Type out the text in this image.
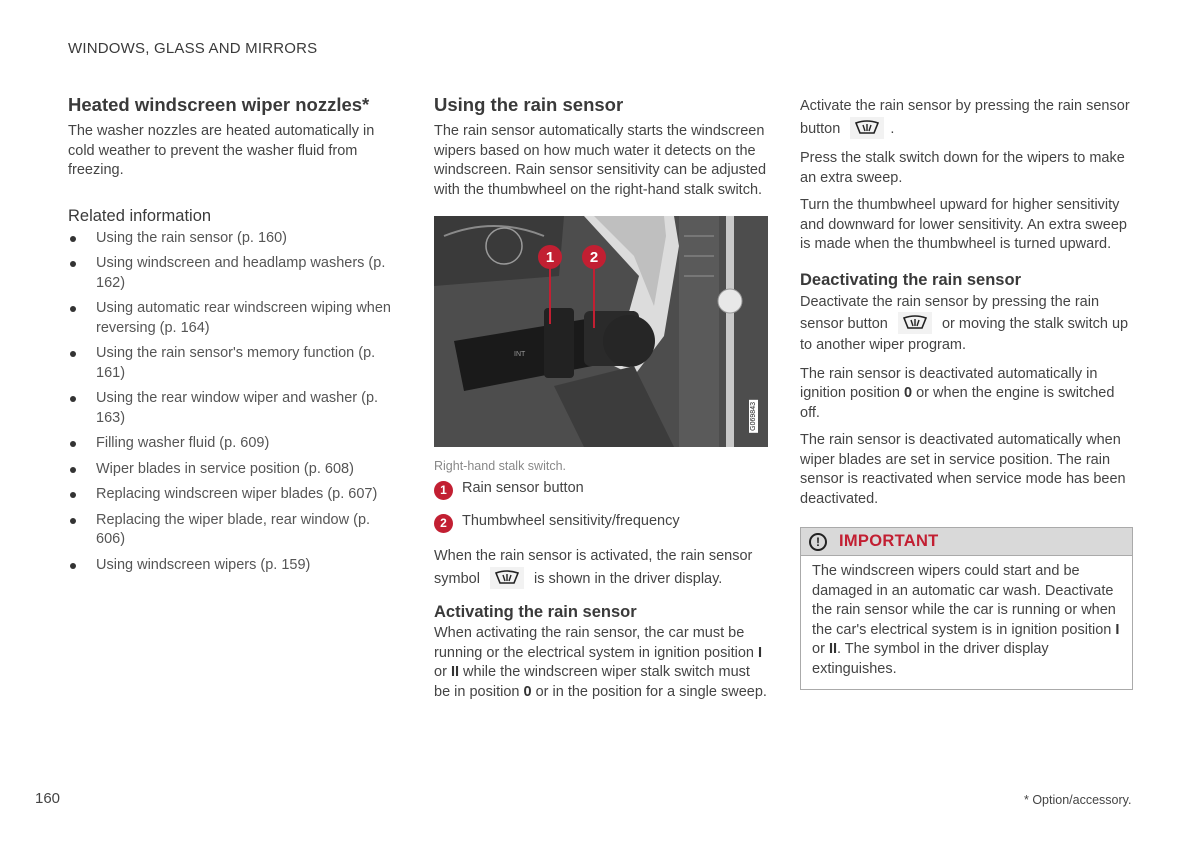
WINDOWS, GLASS AND MIRRORS
Heated windscreen wiper nozzles*

The washer nozzles are heated automatically in cold weather to prevent the washer fluid from freezing.

Related information
Using the rain sensor (p. 160)
Using windscreen and headlamp washers (p. 162)
Using automatic rear windscreen wiping when reversing (p. 164)
Using the rain sensor's memory function (p. 161)
Using the rear window wiper and washer (p. 163)
Filling washer fluid (p. 609)
Wiper blades in service position (p. 608)
Replacing windscreen wiper blades (p. 607)
Replacing the wiper blade, rear window (p. 606)
Using windscreen wipers (p. 159)
Using the rain sensor

The rain sensor automatically starts the windscreen wipers based on how much water it detects on the windscreen. Rain sensor sensitivity can be adjusted with the thumbwheel on the right-hand stalk switch.

INT
1	2
G069843
Right-hand stalk switch.
1	Rain sensor button
2	Thumbwheel sensitivity/frequency

When the rain sensor is activated, the rain sensor symbol	is shown in the driver display.

Activating the rain sensor

When activating the rain sensor, the car must be running or the electrical system in ignition position I or II while the windscreen wiper stalk switch must be in position 0 or in the position for a single sweep.

Activate the rain sensor by pressing the rain sensor button	.

Press the stalk switch down for the wipers to make an extra sweep.

Turn the thumbwheel upward for higher sensitivity and downward for lower sensitivity. An extra sweep is made when the thumbwheel is turned upward.

Deactivating the rain sensor

Deactivate the rain sensor by pressing the rain sensor button	or moving the stalk switch up to another wiper program.

The rain sensor is deactivated automatically in ignition position 0 or when the engine is switched off.

The rain sensor is deactivated automatically when wiper blades are set in service position. The rain sensor is reactivated when service mode has been deactivated.

!	IMPORTANT
The windscreen wipers could start and be damaged in an automatic car wash. Deactivate the rain sensor while the car is running or when the car's electrical system is in ignition position I or II. The symbol in the driver display extinguishes.
160	* Option/accessory.
